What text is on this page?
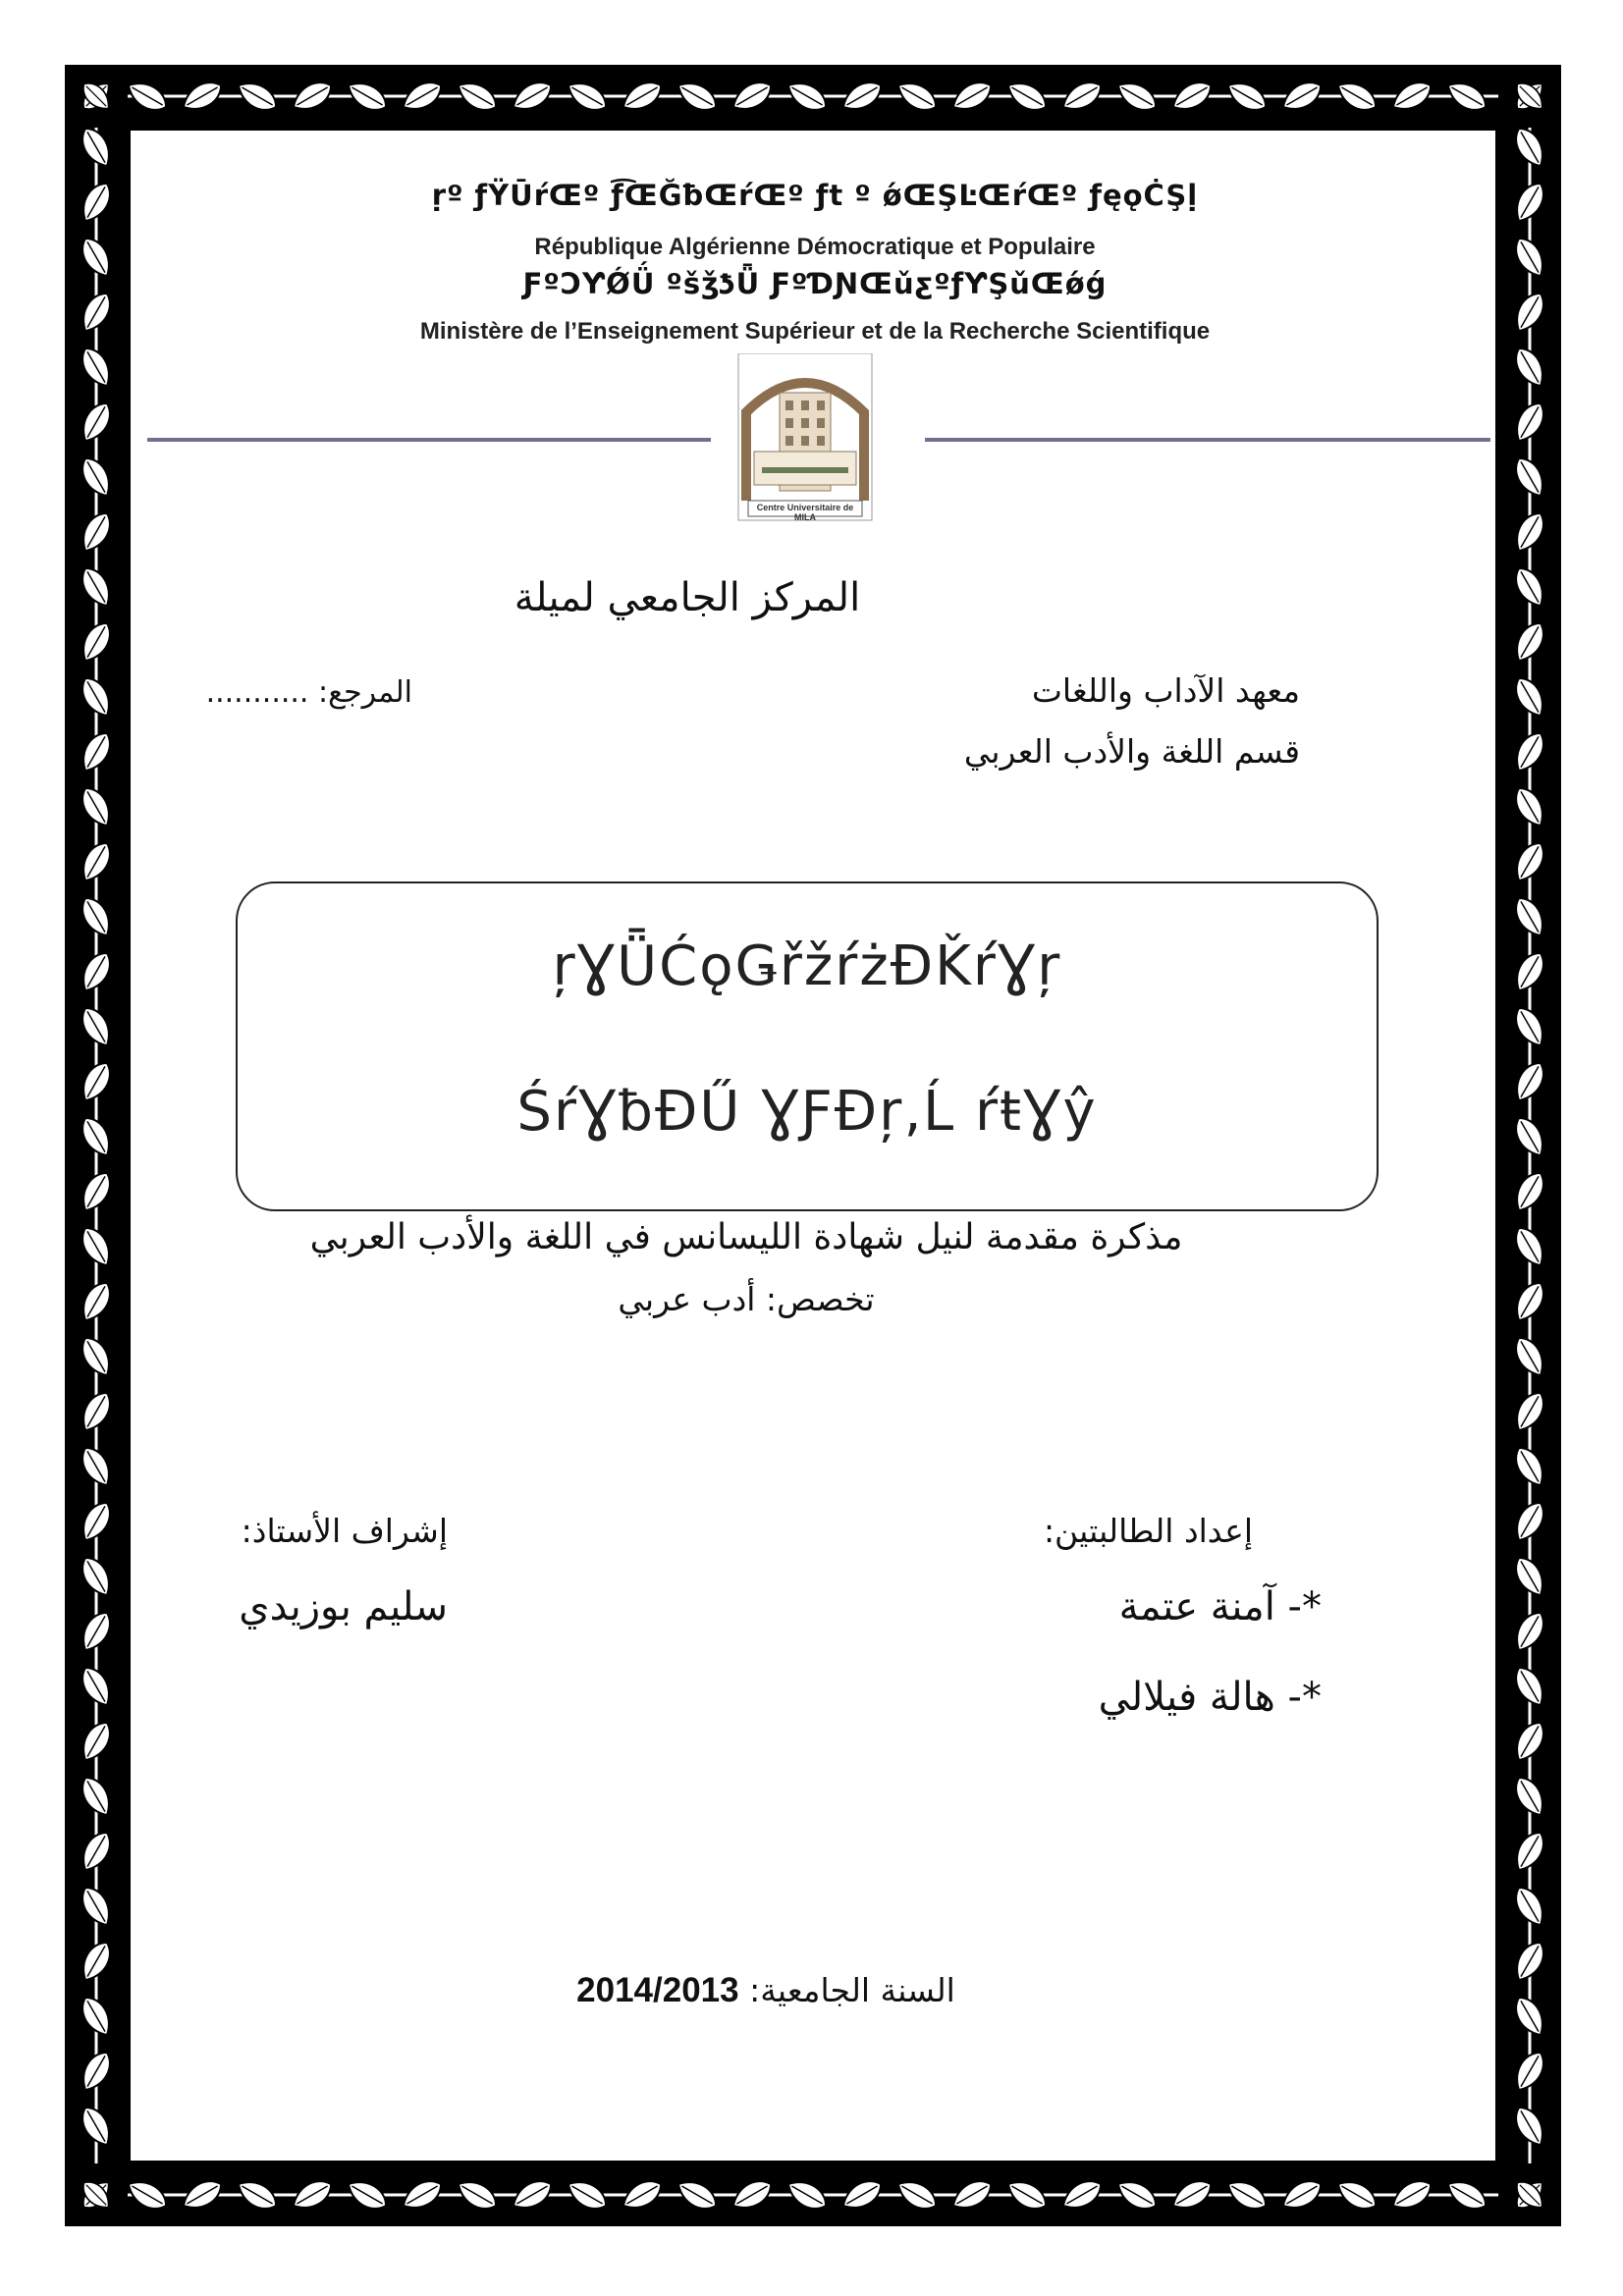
ṛº ƒŸŪŕŒº ƒ͡ŒĞƀŒŕŒº ƒt º ǿŒŞĿŒŕŒº ƒęǫĊŞḷ
République Algérienne Démocratique et Populaire
ƑºƆƳǾǗ ºšǯƾǕ ƑºƊƝŒǔƹºƒƳŞǔŒǿǵ
Ministère de l’Enseignement Supérieur et de la Recherche Scientifique
Centre Universitaire de MILA
المركز الجامعي لميلة
معهد الآداب واللغات
قسم اللغة والأدب العربي
المرجع: ...........
ŗƔǕĆǫǤřžŕżƉǨŕƔŗ
ŚŕƔƀƉŰ ƔƑĐŗ‚Ĺ ŕŧƔŷ
مذكرة مقدمة لنيل شهادة الليسانس في اللغة والأدب العربي
تخصص: أدب عربي
إعداد الطالبتين:
*- آمنة عتمة
*- هالة فيلالي
إشراف الأستاذ:
سليم بوزيدي
السنة الجامعية: 2014/2013
